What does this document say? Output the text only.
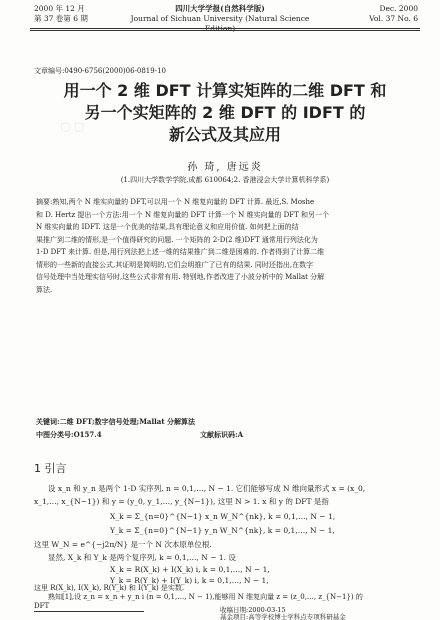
▢ ▢
2000 年 12 月
第 37 卷第 6 期
四川大学学报(自然科学版)
Journal of Sichuan University (Natural Science Edition)
Dec. 2000
Vol. 37 No. 6
文章编号:0490-6756(2000)06-0819-10
用一个 2 维 DFT 计算实矩阵的二维 DFT 和
另一个实矩阵的 2 维 DFT 的 IDFT 的
新公式及其应用
孙 琦, 唐远炎
(1.四川大学数学学院,成都 610064;2. 香港浸会大学计算机科学系)
摘要:熟知,两个 N 维实向量的 DFT,可以用一个 N 维复向量的 DFT 计算. 最近,S. Moshe
和 D. Hertz 提出一个方法:用一个 N 维复向量的 DFT 计算一个 N 维实向量的 DFT 和另一个
N 维实向量的 IDFT. 这是一个优美的结果,具有理论意义和应用价值. 如何把上面的结
果推广到二维的情形,是一个值得研究的问题. 一个矩阵的 2-D(2 维)DFT 通常用行列法化为
1-D DFT 来计算. 但是,用行列法把上述一维的结果推广到二维是困难的. 作者得到了计算二维
情形的一些新的直接公式,其证明是简明的,它们会明推广了已有的结果. 同时还指出,在数字
信号处理中当处理实信号时,这些公式非常有用. 特别地,作者改进了小波分析中的 Mallat 分解
算法.
关键词:二维 DFT;数字信号处理;Mallat 分解算法
中图分类号:O157.4	文献标识码:A
1 引言
设 x_n 和 y_n 是两个 1-D 实序列, n = 0,1,…, N − 1. 它们能够写成 N 维向量形式 x = (x_0,
x_1,…, x_{N−1}) 和 y = (y_0, y_1,…, y_{N−1}), 这里 N > 1. x 和 y 的 DFT 是指
X_k = Σ_{n=0}^{N−1} x_n W_N^{nk}, k = 0,1,…, N − 1,
Y_k = Σ_{n=0}^{N−1} y_n W_N^{nk}, k = 0,1,…, N − 1,
这里 W_N = e^{−j2π/N} 是一个 N 次本原单位根.
显然, X_k 和 Y_k 是两个复序列, k = 0,1,…, N − 1. 设
X_k = R(X_k) + I(X_k) i, k = 0,1,…, N − 1,
Y_k = R(Y_k) + I(Y_k) i, k = 0,1,…, N − 1,
这里 R(X_k), I(X_k), R(Y_k) 和 I(Y_k) 是实数.
熟知[1],设 z_n = x_n + y_n i (n = 0,1,…, N − 1),能够用 N 维复向量 z = (z_0,…, z_{N−1}) 的
DFT	收稿日期:2000-03-15
基金项目:高等学校博士学科点专项科研基金
